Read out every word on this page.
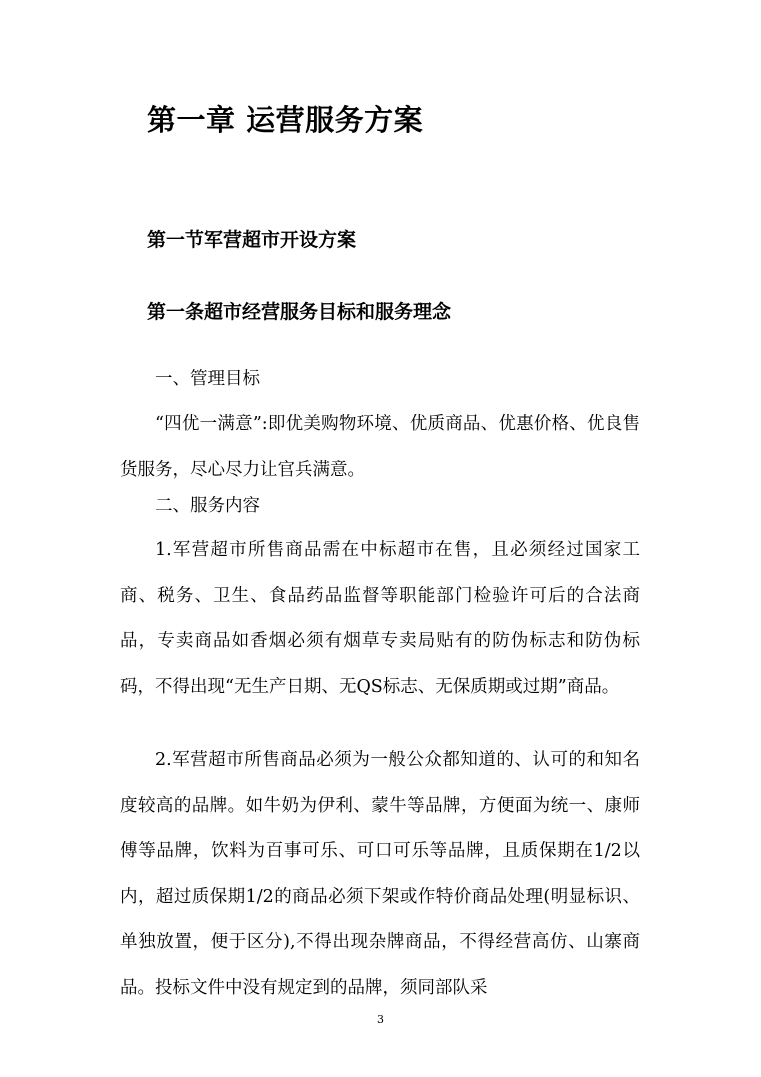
第一章 运营服务方案
第一节军营超市开设方案
第一条超市经营服务目标和服务理念

一、管理目标

“四优一满意”:即优美购物环境、优质商品、优惠价格、优良售货服务，尽心尽力让官兵满意。

二、服务内容

1.军营超市所售商品需在中标超市在售，且必须经过国家工商、税务、卫生、食品药品监督等职能部门检验许可后的合法商品，专卖商品如香烟必须有烟草专卖局贴有的防伪标志和防伪标码，不得出现“无生产日期、无QS标志、无保质期或过期”商品。

2.军营超市所售商品必须为一般公众都知道的、认可的和知名度较高的品牌。如牛奶为伊利、蒙牛等品牌，方便面为统一、康师傅等品牌，饮料为百事可乐、可口可乐等品牌，且质保期在1/2以内，超过质保期1/2的商品必须下架或作特价商品处理(明显标识、单独放置，便于区分),不得出现杂牌商品，不得经营高仿、山寨商品。投标文件中没有规定到的品牌，须同部队采

3
